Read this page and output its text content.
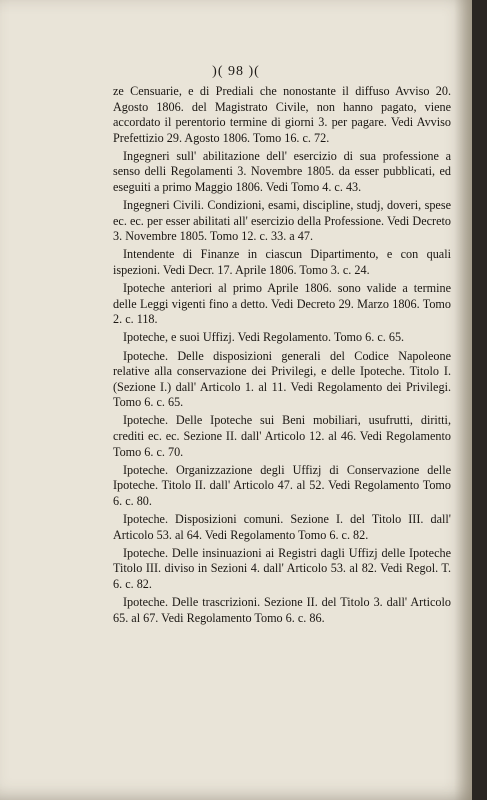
)( 98 )(

ze Censuarie, e di Prediali che nonostante il diffuso Avviso 20. Agosto 1806. del Magistrato Civile, non hanno pagato, viene accordato il perentorio termine di giorni 3. per pagare. Vedi Avviso Prefettizio 29. Agosto 1806. Tomo 16. c. 72.

Ingegneri sull' abilitazione dell' esercizio di sua professione a senso delli Regolamenti 3. Novembre 1805. da esser pubblicati, ed eseguiti a primo Maggio 1806. Vedi Tomo 4. c. 43.

Ingegneri Civili. Condizioni, esami, discipline, studj, doveri, spese ec. ec. per esser abilitati all' esercizio della Professione. Vedi Decreto 3. Novembre 1805. Tomo 12. c. 33. a 47.

Intendente di Finanze in ciascun Dipartimento, e con quali ispezioni. Vedi Decr. 17. Aprile 1806. Tomo 3. c. 24.

Ipoteche anteriori al primo Aprile 1806. sono valide a termine delle Leggi vigenti fino a detto. Vedi Decreto 29. Marzo 1806. Tomo 2. c. 118.

Ipoteche, e suoi Uffizj. Vedi Regolamento. Tomo 6. c. 65.

Ipoteche. Delle disposizioni generali del Codice Napoleone relative alla conservazione dei Privilegi, e delle Ipoteche. Titolo I. (Sezione I.) dall' Articolo 1. al 11. Vedi Regolamento dei Privilegi. Tomo 6. c. 65.

Ipoteche. Delle Ipoteche sui Beni mobiliari, usufrutti, diritti, crediti ec. ec. Sezione II. dall' Articolo 12. al 46. Vedi Regolamento Tomo 6. c. 70.

Ipoteche. Organizzazione degli Uffizj di Conservazione delle Ipoteche. Titolo II. dall' Articolo 47. al 52. Vedi Regolamento Tomo 6. c. 80.

Ipoteche. Disposizioni comuni. Sezione I. del Titolo III. dall' Articolo 53. al 64. Vedi Regolamento Tomo 6. c. 82.

Ipoteche. Delle insinuazioni ai Registri dagli Uffizj delle Ipoteche Titolo III. diviso in Sezioni 4. dall' Articolo 53. al 82. Vedi Regol. T. 6. c. 82.

Ipoteche. Delle trascrizioni. Sezione II. del Titolo 3. dall' Articolo 65. al 67. Vedi Regolamento Tomo 6. c. 86.
